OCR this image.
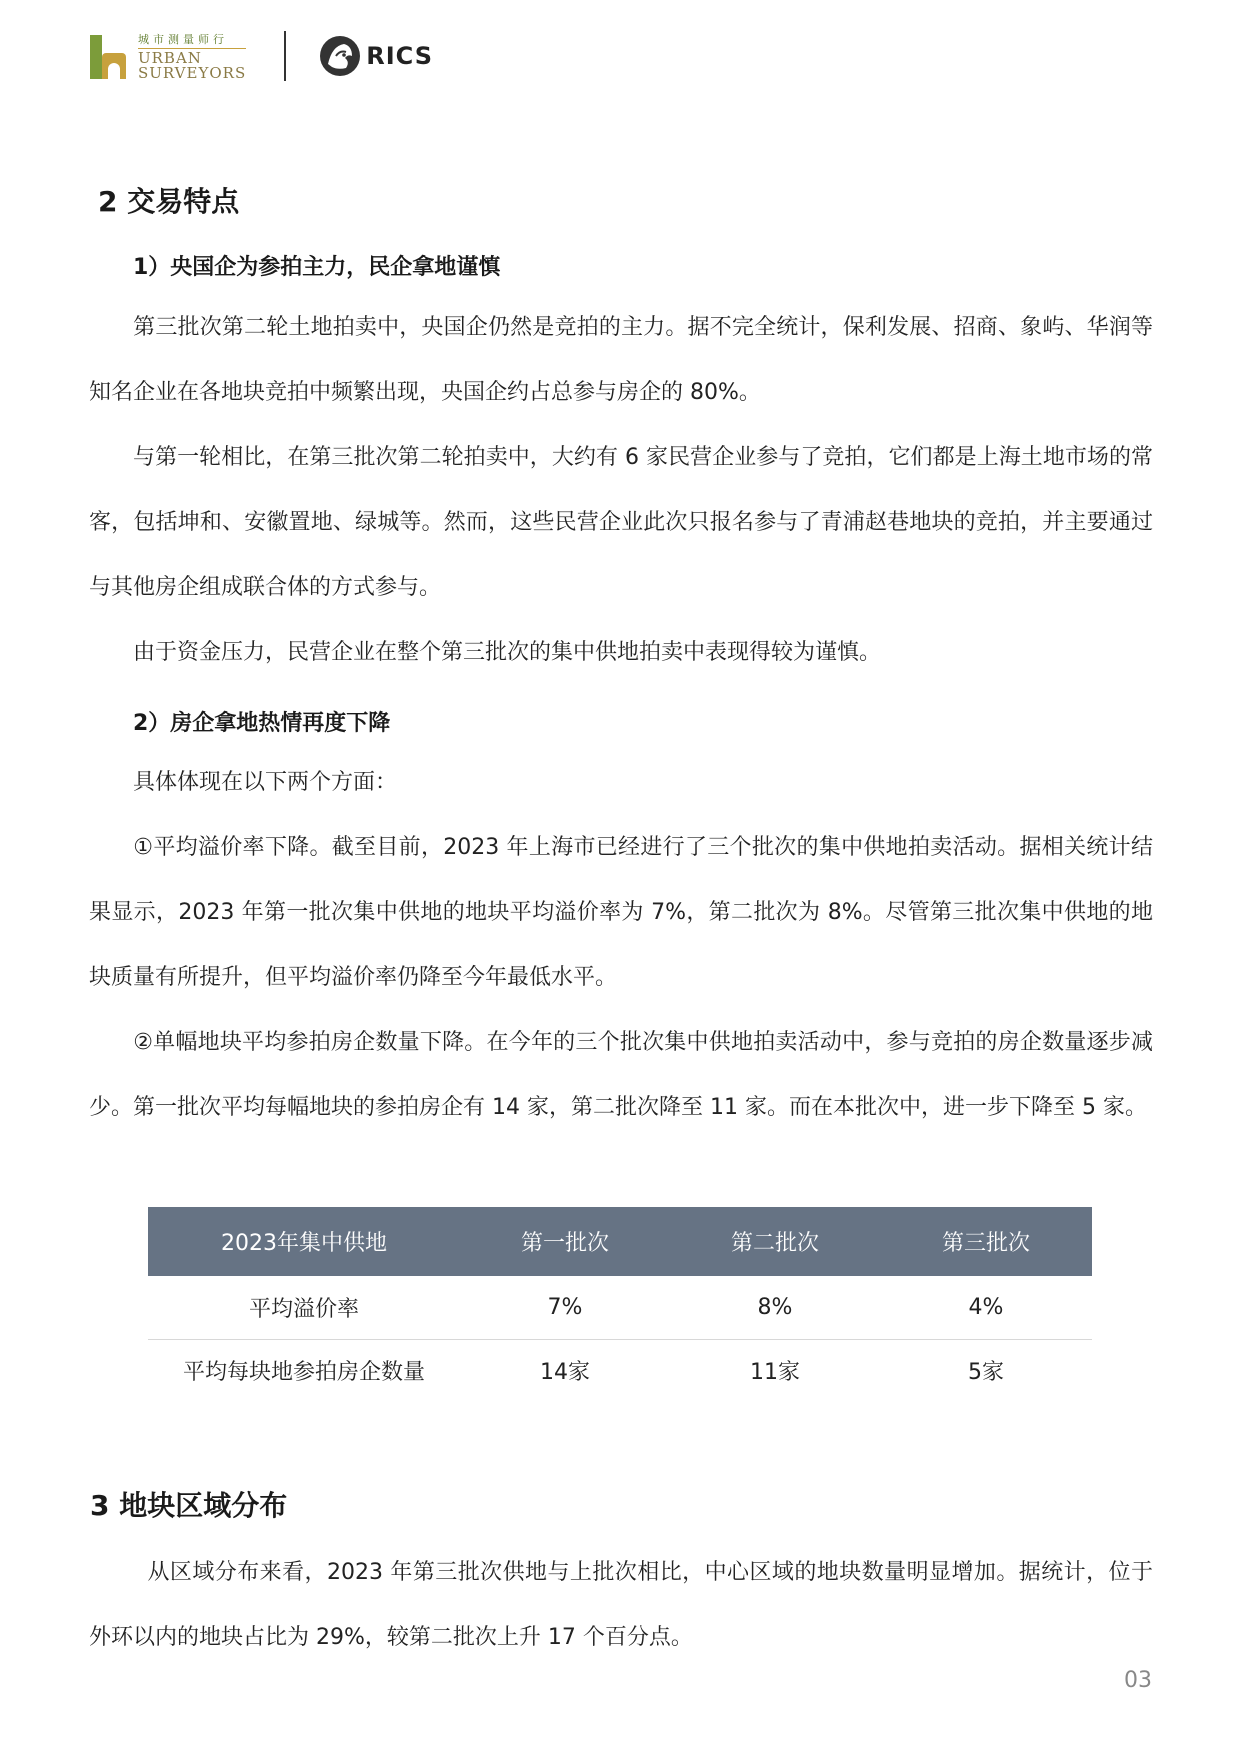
城市测量师行
URBAN
SURVEYORS
RICS
2 交易特点
1）央国企为参拍主力，民企拿地谨慎
第三批次第二轮土地拍卖中，央国企仍然是竞拍的主力。据不完全统计，保利发展、招商、象屿、华润等知名企业在各地块竞拍中频繁出现，央国企约占总参与房企的 80%。
与第一轮相比，在第三批次第二轮拍卖中，大约有 6 家民营企业参与了竞拍，它们都是上海土地市场的常客，包括坤和、安徽置地、绿城等。然而，这些民营企业此次只报名参与了青浦赵巷地块的竞拍，并主要通过与其他房企组成联合体的方式参与。
由于资金压力，民营企业在整个第三批次的集中供地拍卖中表现得较为谨慎。
2）房企拿地热情再度下降
具体体现在以下两个方面：
①平均溢价率下降。截至目前，2023 年上海市已经进行了三个批次的集中供地拍卖活动。据相关统计结果显示，2023 年第一批次集中供地的地块平均溢价率为 7%，第二批次为 8%。尽管第三批次集中供地的地块质量有所提升，但平均溢价率仍降至今年最低水平。
②单幅地块平均参拍房企数量下降。在今年的三个批次集中供地拍卖活动中，参与竞拍的房企数量逐步减少。第一批次平均每幅地块的参拍房企有 14 家，第二批次降至 11 家。而在本批次中，进一步下降至 5 家。
2023年集中供地	第一批次	第二批次	第三批次
平均溢价率	7%	8%	4%
平均每块地参拍房企数量	14家	11家	5家
3 地块区域分布
从区域分布来看，2023 年第三批次供地与上批次相比，中心区域的地块数量明显增加。据统计，位于外环以内的地块占比为 29%，较第二批次上升 17 个百分点。
03
